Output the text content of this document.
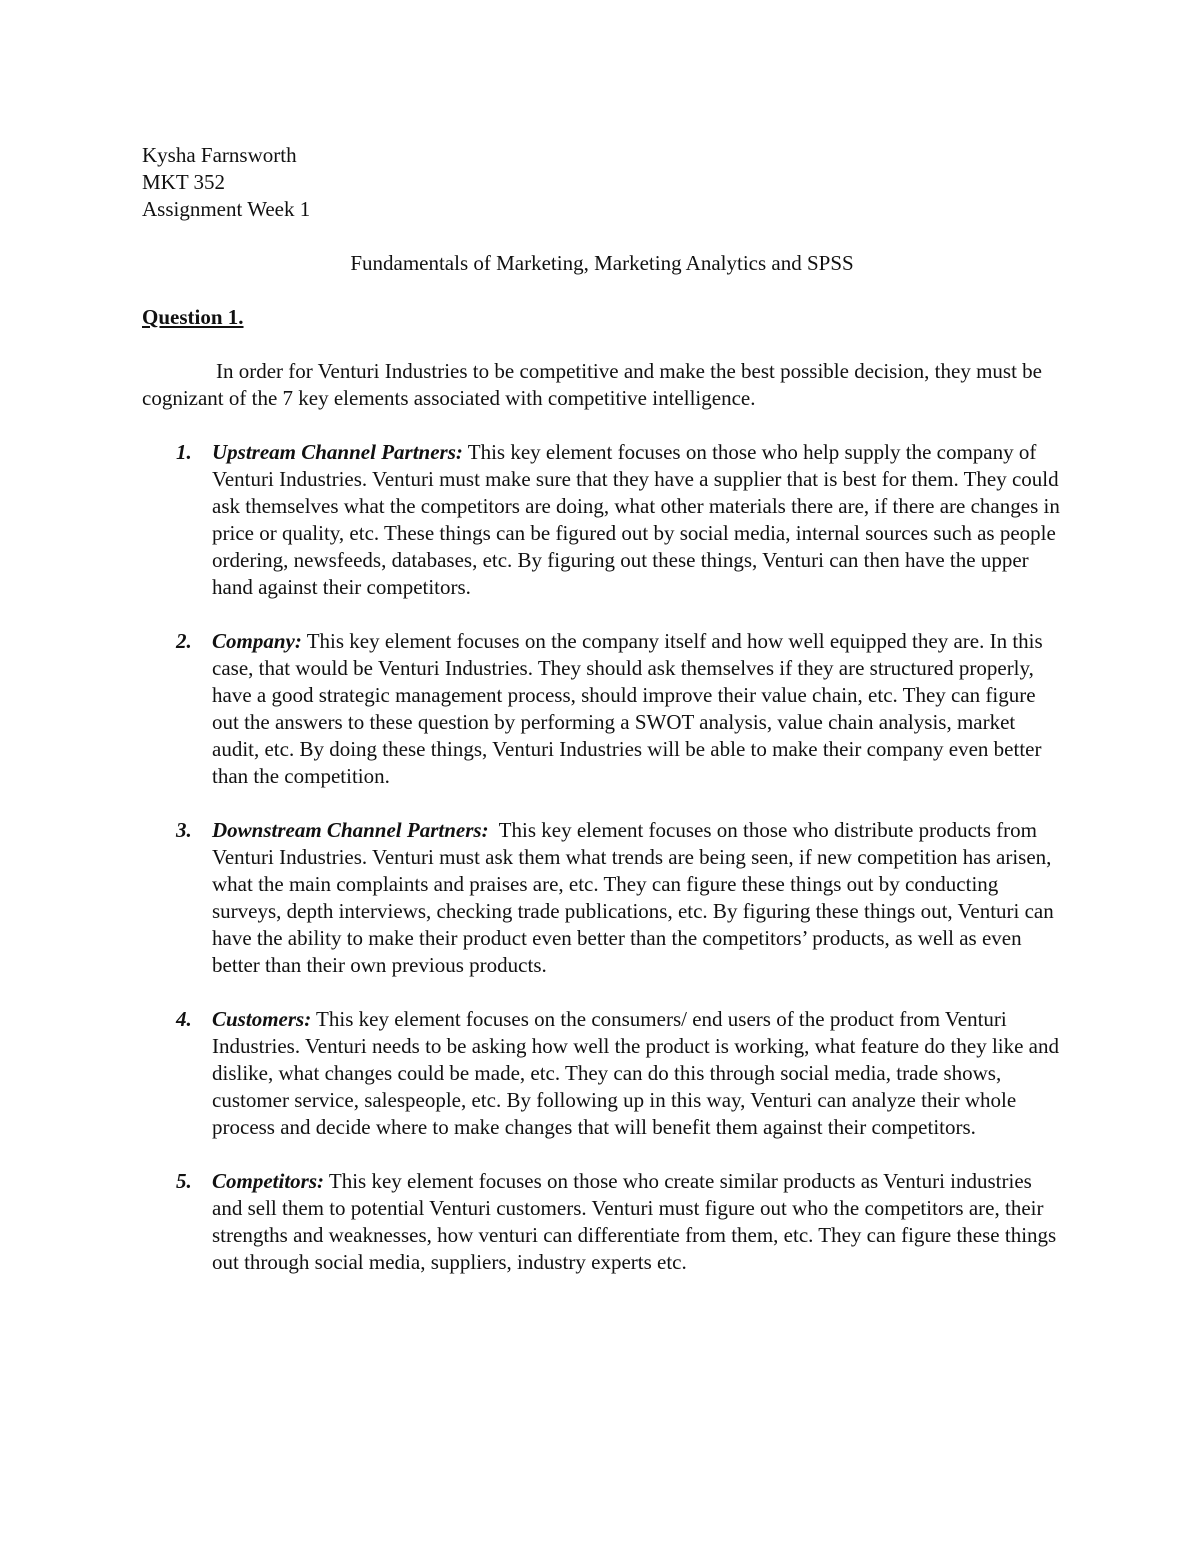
Kysha Farnsworth
MKT 352
Assignment Week 1
Fundamentals of Marketing, Marketing Analytics and SPSS
Question 1.

In order for Venturi Industries to be competitive and make the best possible decision, they must be cognizant of the 7 key elements associated with competitive intelligence.

1. Upstream Channel Partners: This key element focuses on those who help supply the company of Venturi Industries. Venturi must make sure that they have a supplier that is best for them. They could ask themselves what the competitors are doing, what other materials there are, if there are changes in price or quality, etc. These things can be figured out by social media, internal sources such as people ordering, newsfeeds, databases, etc. By figuring out these things, Venturi can then have the upper hand against their competitors.
2. Company: This key element focuses on the company itself and how well equipped they are. In this case, that would be Venturi Industries. They should ask themselves if they are structured properly, have a good strategic management process, should improve their value chain, etc. They can figure out the answers to these question by performing a SWOT analysis, value chain analysis, market audit, etc. By doing these things, Venturi Industries will be able to make their company even better than the competition.
3. Downstream Channel Partners:  This key element focuses on those who distribute products from Venturi Industries. Venturi must ask them what trends are being seen, if new competition has arisen, what the main complaints and praises are, etc. They can figure these things out by conducting surveys, depth interviews, checking trade publications, etc. By figuring these things out, Venturi can have the ability to make their product even better than the competitors’ products, as well as even better than their own previous products.
4. Customers: This key element focuses on the consumers/ end users of the product from Venturi Industries. Venturi needs to be asking how well the product is working, what feature do they like and dislike, what changes could be made, etc. They can do this through social media, trade shows, customer service, salespeople, etc. By following up in this way, Venturi can analyze their whole process and decide where to make changes that will benefit them against their competitors.
5. Competitors: This key element focuses on those who create similar products as Venturi industries and sell them to potential Venturi customers. Venturi must figure out who the competitors are, their strengths and weaknesses, how venturi can differentiate from them, etc. They can figure these things out through social media, suppliers, industry experts etc.
